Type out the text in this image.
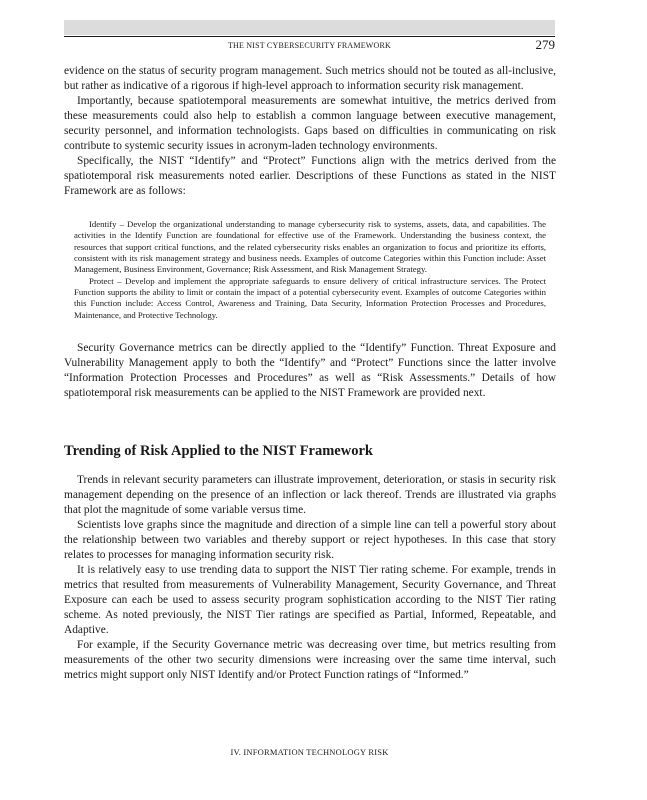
THE NIST CYBERSECURITY FRAMEWORK	279

evidence on the status of security program management. Such metrics should not be touted as all-inclusive, but rather as indicative of a rigorous if high-level approach to information security risk management.

Importantly, because spatiotemporal measurements are somewhat intuitive, the metrics derived from these measurements could also help to establish a common language between executive management, security personnel, and information technologists. Gaps based on difficulties in communicating on risk contribute to systemic security issues in acronym-laden technology environments.

Specifically, the NIST “Identify” and “Protect” Functions align with the metrics derived from the spatiotemporal risk measurements noted earlier. Descriptions of these Functions as stated in the NIST Framework are as follows:

Identify – Develop the organizational understanding to manage cybersecurity risk to systems, assets, data, and capabilities. The activities in the Identify Function are foundational for effective use of the Framework. Understanding the business context, the resources that support critical functions, and the related cybersecurity risks enables an organization to focus and prioritize its efforts, consistent with its risk management strategy and business needs. Examples of outcome Categories within this Function include: Asset Management, Business Environment, Governance; Risk Assessment, and Risk Management Strategy.

Protect – Develop and implement the appropriate safeguards to ensure delivery of critical infrastructure services. The Protect Function supports the ability to limit or contain the impact of a potential cybersecurity event. Examples of outcome Categories within this Function include: Access Control, Awareness and Training, Data Security, Information Protection Processes and Procedures, Maintenance, and Protective Technology.

Security Governance metrics can be directly applied to the “Identify” Function. Threat Exposure and Vulnerability Management apply to both the “Identify” and “Protect” Functions since the latter involve “Information Protection Processes and Procedures” as well as “Risk Assessments.” Details of how spatiotemporal risk measurements can be applied to the NIST Framework are provided next.

Trending of Risk Applied to the NIST Framework

Trends in relevant security parameters can illustrate improvement, deterioration, or stasis in security risk management depending on the presence of an inflection or lack thereof. Trends are illustrated via graphs that plot the magnitude of some variable versus time.

Scientists love graphs since the magnitude and direction of a simple line can tell a powerful story about the relationship between two variables and thereby support or reject hypotheses. In this case that story relates to processes for managing information security risk.

It is relatively easy to use trending data to support the NIST Tier rating scheme. For example, trends in metrics that resulted from measurements of Vulnerability Management, Security Governance, and Threat Exposure can each be used to assess security program sophistication according to the NIST Tier rating scheme. As noted previously, the NIST Tier ratings are specified as Partial, Informed, Repeatable, and Adaptive.

For example, if the Security Governance metric was decreasing over time, but metrics resulting from measurements of the other two security dimensions were increasing over the same time interval, such metrics might support only NIST Identify and/or Protect Function ratings of “Informed.”

IV. INFORMATION TECHNOLOGY RISK
